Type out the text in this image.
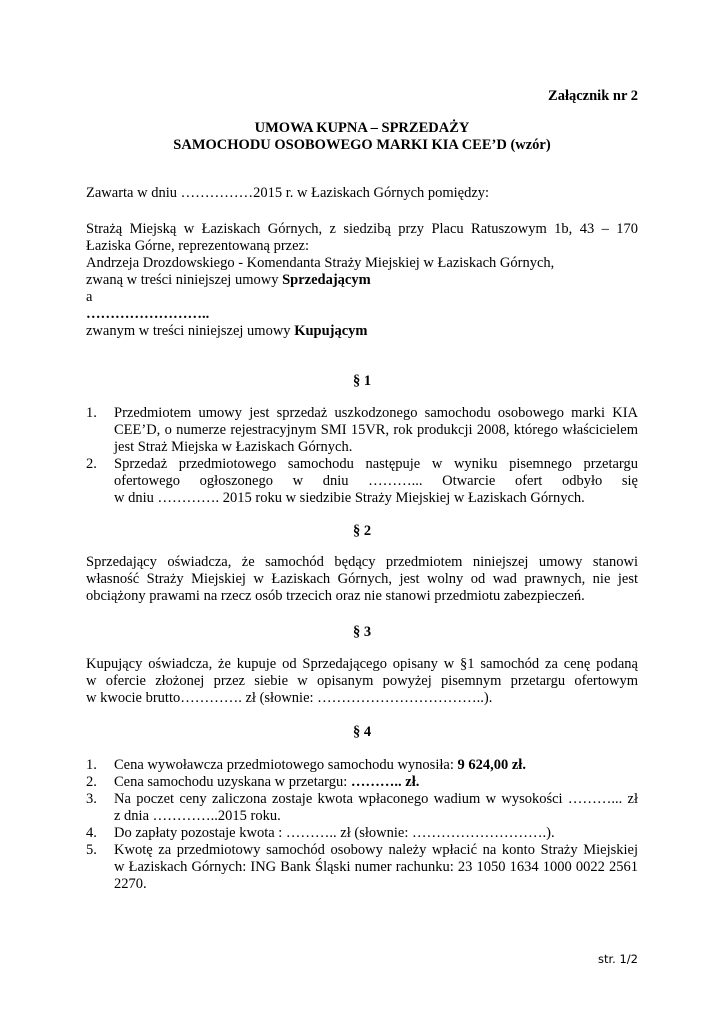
Załącznik nr 2
UMOWA KUPNA – SPRZEDAŻY
SAMOCHODU OSOBOWEGO MARKI KIA CEE’D (wzór)
Zawarta w dniu ……………2015 r. w Łaziskach Górnych pomiędzy:
Strażą Miejską w Łaziskach Górnych, z siedzibą przy Placu Ratuszowym 1b, 43 – 170
Łaziska Górne, reprezentowaną przez:
Andrzeja Drozdowskiego - Komendanta Straży Miejskiej w Łaziskach Górnych,
zwaną w treści niniejszej umowy Sprzedającym
a
……………………..
zwanym w treści niniejszej umowy Kupującym
§ 1
1.	Przedmiotem umowy jest sprzedaż uszkodzonego samochodu osobowego marki KIA
CEE’D, o numerze rejestracyjnym SMI 15VR, rok produkcji 2008, którego właścicielem
jest Straż Miejska w Łaziskach Górnych.
2.	Sprzedaż przedmiotowego samochodu następuje w wyniku pisemnego przetargu
ofertowego ogłoszonego w dniu ………... Otwarcie ofert odbyło się
w dniu …………. 2015 roku w siedzibie Straży Miejskiej w Łaziskach Górnych.
§ 2
Sprzedający oświadcza, że samochód będący przedmiotem niniejszej umowy stanowi
własność Straży Miejskiej w Łaziskach Górnych, jest wolny od wad prawnych, nie jest
obciążony prawami na rzecz osób trzecich oraz nie stanowi przedmiotu zabezpieczeń.
§ 3
Kupujący oświadcza, że kupuje od Sprzedającego opisany w §1 samochód za cenę podaną
w ofercie złożonej przez siebie w opisanym powyżej pisemnym przetargu ofertowym
w kwocie brutto…………. zł (słownie: ……………………………..).
§ 4
1.	Cena wywoławcza przedmiotowego samochodu wynosiła: 9 624,00 zł.
2.	Cena samochodu uzyskana w przetargu: ……….. zł.
3.	Na poczet ceny zaliczona zostaje kwota wpłaconego wadium w wysokości ………... zł
z dnia …………..2015 roku.
4.	Do zapłaty pozostaje kwota : ……….. zł (słownie: ……………………….).
5.	Kwotę za przedmiotowy samochód osobowy należy wpłacić na konto Straży Miejskiej
w Łaziskach Górnych: ING Bank Śląski numer rachunku: 23 1050 1634 1000 0022 2561
2270.
str. 1/2
